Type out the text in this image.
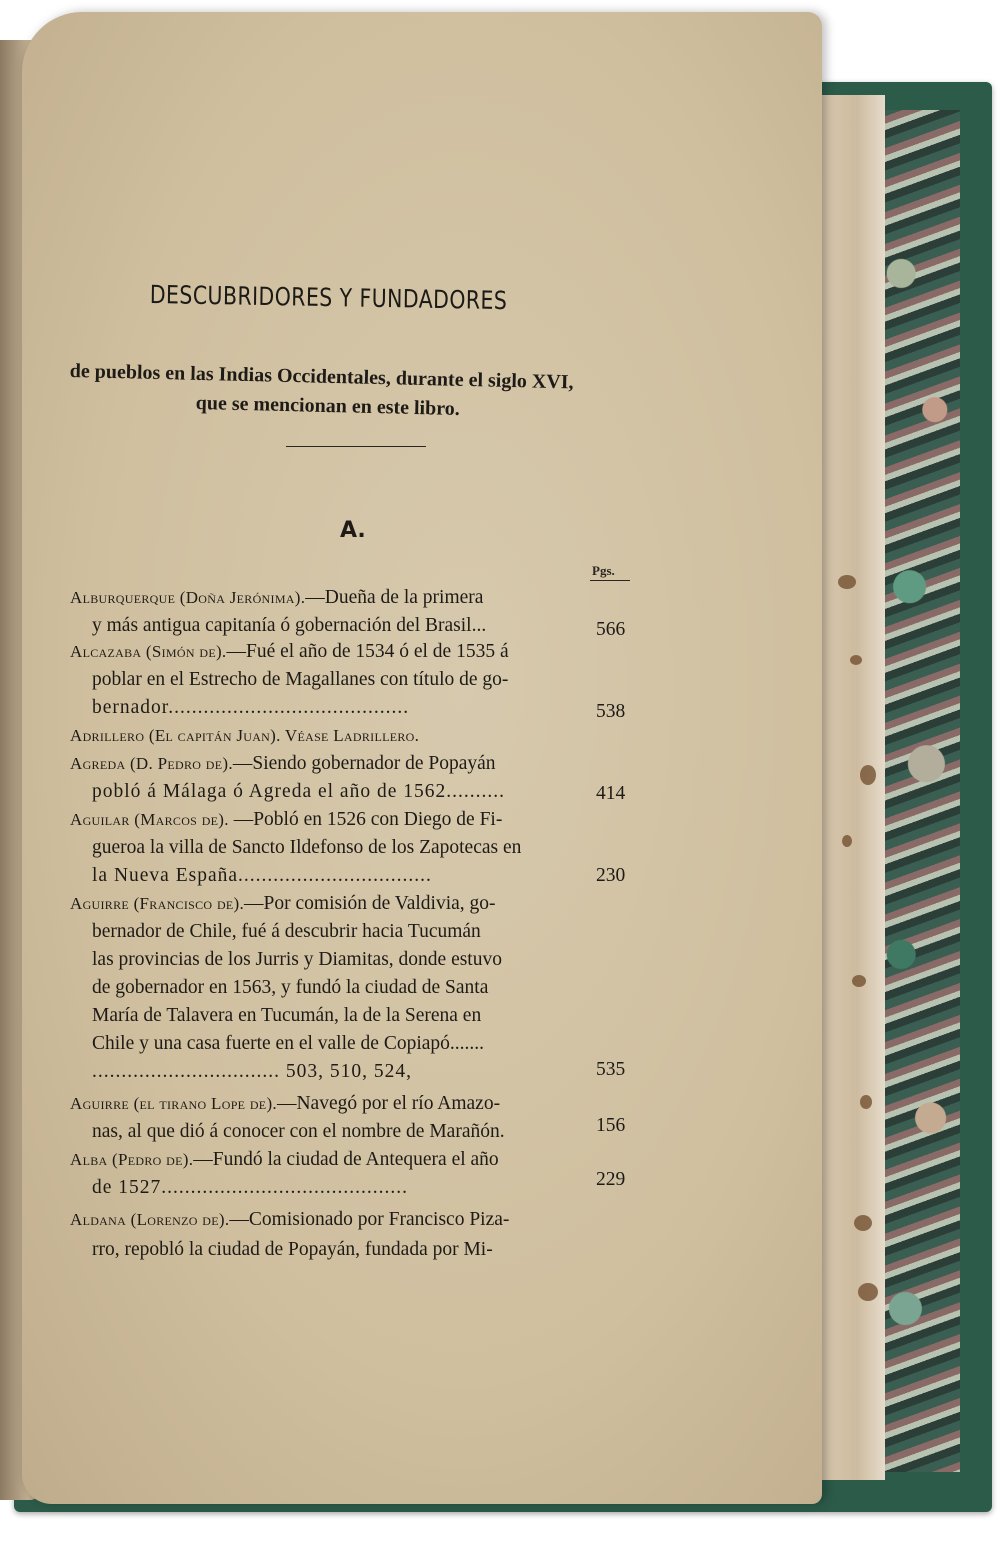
DESCUBRIDORES Y FUNDADORES
de pueblos en las Indias Occidentales, durante el siglo XVI,
que se mencionan en este libro.
A.
Pgs.
Alburquerque (Doña Jerónima).—Dueña de la primera
y más antigua capitanía ó gobernación del Brasil...	566
Alcazaba (Simón de).—Fué el año de 1534 ó el de 1535 á
poblar en el Estrecho de Magallanes con título de go-
bernador.........................................	538
Adrillero (El capitán Juan). Véase Ladrillero.
Agreda (D. Pedro de).—Siendo gobernador de Popayán
pobló á Málaga ó Agreda el año de 1562..........	414
Aguilar (Marcos de). —Pobló en 1526 con Diego de Fi-
gueroa la villa de Sancto Ildefonso de los Zapotecas en
la Nueva España.................................	230
Aguirre (Francisco de).—Por comisión de Valdivia, go-
bernador de Chile, fué á descubrir hacia Tucumán
las provincias de los Jurris y Diamitas, donde estuvo
de gobernador en 1563, y fundó la ciudad de Santa
María de Talavera en Tucumán, la de la Serena en
Chile y una casa fuerte en el valle de Copiapó.......
................................ 503, 510, 524,	535
Aguirre (el tirano Lope de).—Navegó por el río Amazo-
nas, al que dió á conocer con el nombre de Marañón.	156
Alba (Pedro de).—Fundó la ciudad de Antequera el año
de 1527..........................................	229
Aldana (Lorenzo de).—Comisionado por Francisco Piza-
rro, repobló la ciudad de Popayán, fundada por Mi-
